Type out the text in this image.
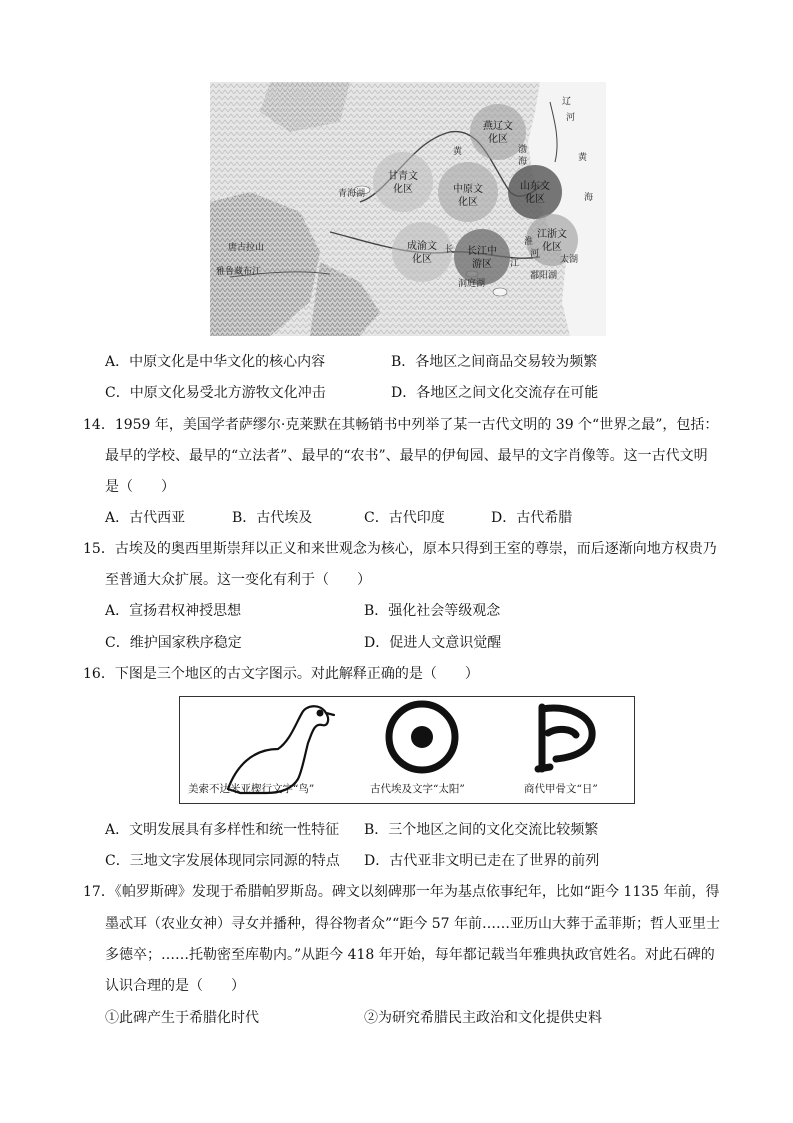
燕辽文
化区
甘青文
化区	中原文
化区
山东文
化区
成渝文
化区
长江中
游区
江浙文
化区
青海湖
黄	渤
海	黄
海
辽
河
雅鲁藏布江
唐古拉山	长
江
淮
河
鄱阳湖
洞庭湖
太湖
A．中原文化是中华文化的核心内容	B．各地区之间商品交易较为频繁
C．中原文化易受北方游牧文化冲击	D．各地区之间文化交流存在可能
14．1959 年，美国学者萨缪尔·克莱默在其畅销书中列举了某一古代文明的 39 个“世界之最”，包括：
最早的学校、最早的“立法者”、最早的“农书”、最早的伊甸园、最早的文字肖像等。这一古代文明
是（　　）
A．古代西亚	B．古代埃及	C．古代印度	D．古代希腊
15．古埃及的奥西里斯崇拜以正义和来世观念为核心，原本只得到王室的尊崇，而后逐渐向地方权贵乃
至普通大众扩展。这一变化有利于（　　）
A．宣扬君权神授思想	B．强化社会等级观念
C．维护国家秩序稳定	D．促进人文意识觉醒
16．下图是三个地区的古文字图示。对此解释正确的是（　　）
美索不达米亚楔行文字“鸟”	古代埃及文字“太阳”	商代甲骨文“日”
A．文明发展具有多样性和统一性特征 B．三个地区之间的文化交流比较频繁
C．三地文字发展体现同宗同源的特点 D．古代亚非文明已走在了世界的前列
17．《帕罗斯碑》发现于希腊帕罗斯岛。碑文以刻碑那一年为基点依事纪年，比如“距今 1135 年前，得
墨忒耳（农业女神）寻女并播种，得谷物者众”“距今 57 年前……亚历山大葬于孟菲斯；哲人亚里士
多德卒；……托勒密至库勒内。”从距今 418 年开始，每年都记载当年雅典执政官姓名。对此石碑的
认识合理的是（　　）
①此碑产生于希腊化时代	②为研究希腊民主政治和文化提供史料
